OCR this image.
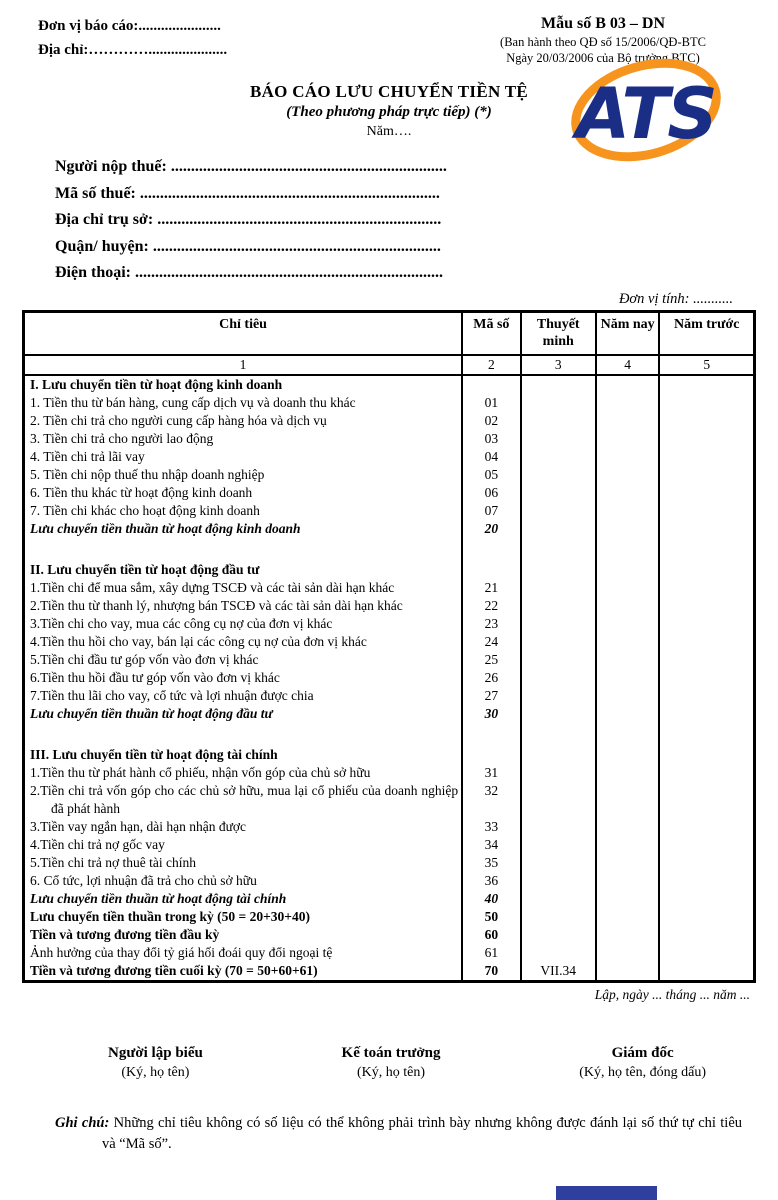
Đơn vị báo cáo:......................
Địa chỉ:………….....................
Mẫu số B 03 – DN
(Ban hành theo QĐ số 15/2006/QĐ-BTC
Ngày 20/03/2006 của Bộ trưởng BTC)
ATS
BÁO CÁO LƯU CHUYỂN TIỀN TỆ
(Theo phương pháp trực tiếp) (*)
Năm….
Người nộp thuế: .....................................................................
Mã số thuế: ...........................................................................
Địa chỉ trụ sở: .......................................................................
Quận/ huyện: ........................................................................
Điện thoại: .............................................................................
Đơn vị tính: ...........
Chỉ tiêu	Mã số	Thuyết minh	Năm nay	Năm trước
1	2	3	4	5
I. Lưu chuyển tiền từ hoạt động kinh doanh				
1. Tiền thu từ bán hàng, cung cấp dịch vụ và doanh thu khác	01			
2. Tiền chi trả cho người cung cấp hàng hóa và dịch vụ	02			
3. Tiền chi trả cho người lao động	03			
4. Tiền chi trả lãi vay	04			
5. Tiền chi nộp thuế thu nhập doanh nghiệp	05			
6. Tiền thu khác từ hoạt động kinh doanh	06			
7. Tiền chi khác cho hoạt động kinh doanh	07			
Lưu chuyển tiền thuần từ hoạt động kinh doanh	20			

II. Lưu chuyển tiền từ hoạt động đầu tư				
1.Tiền chi để mua sắm, xây dựng TSCĐ và các tài sản dài hạn khác	21			
2.Tiền thu từ thanh lý, nhượng bán TSCĐ và các tài sản dài hạn khác	22			
3.Tiền chi cho vay, mua các công cụ nợ của đơn vị khác	23			
4.Tiền thu hồi cho vay, bán lại các công cụ nợ của đơn vị khác	24			
5.Tiền chi đầu tư góp vốn vào đơn vị khác	25			
6.Tiền thu hồi đầu tư góp vốn vào đơn vị khác	26			
7.Tiền thu lãi cho vay, cổ tức và lợi nhuận được chia	27			
Lưu chuyển tiền thuần từ hoạt động đầu tư	30			

III. Lưu chuyển tiền từ hoạt động tài chính				
1.Tiền thu từ phát hành cổ phiếu, nhận vốn góp của chủ sở hữu	31			
2.Tiền chi trả vốn góp cho các chủ sở hữu, mua lại cổ phiếu của doanh nghiệp đã phát hành	32			
3.Tiền vay ngắn hạn, dài hạn nhận được	33			
4.Tiền chi trả nợ gốc vay	34			
5.Tiền chi trả nợ thuê tài chính	35			
6. Cổ tức, lợi nhuận đã trả cho chủ sở hữu	36			
Lưu chuyển tiền thuần từ hoạt động tài chính	40			
Lưu chuyển tiền thuần trong kỳ (50 = 20+30+40)	50			
Tiền và tương đương tiền đầu kỳ	60			
Ảnh hưởng của thay đổi tỷ giá hối đoái quy đổi ngoại tệ	61			
Tiền và tương đương tiền cuối kỳ (70 = 50+60+61)	70	VII.34		
Lập, ngày ... tháng ... năm ...
Người lập biểu
(Ký, họ tên)
Kế toán trưởng
(Ký, họ tên)
Giám đốc
(Ký, họ tên, đóng dấu)

Ghi chú: Những chỉ tiêu không có số liệu có thể không phải trình bày nhưng không được đánh lại số thứ tự chỉ tiêu và “Mã số”.
